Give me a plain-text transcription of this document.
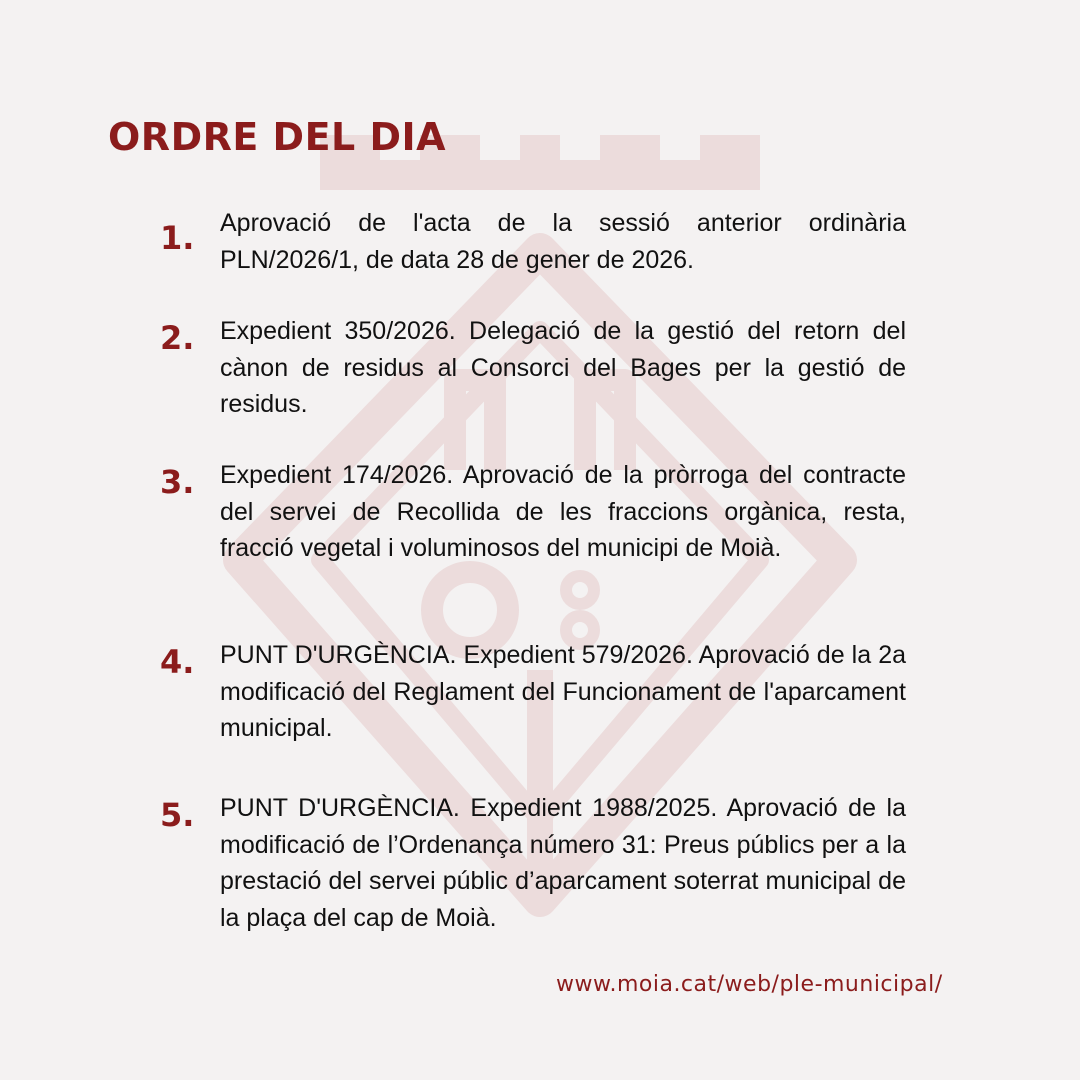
ORDRE DEL DIA
1. Aprovació de l'acta de la sessió anterior ordinària PLN/2026/1, de data 28 de gener de 2026.
2. Expedient 350/2026. Delegació de la gestió del retorn del cànon de residus al Consorci del Bages per la gestió de residus.
3. Expedient 174/2026. Aprovació de la pròrroga del contracte del servei de Recollida de les fraccions orgànica, resta, fracció vegetal i voluminosos del municipi de Moià.
4. PUNT D'URGÈNCIA. Expedient 579/2026. Aprovació de la 2a modificació del Reglament del Funcionament de l'aparcament municipal.
5. PUNT D'URGÈNCIA. Expedient 1988/2025. Aprovació de la modificació de l’Ordenança número 31: Preus públics per a la prestació del servei públic d’aparcament soterrat municipal de la plaça del cap de Moià.
www.moia.cat/web/ple-municipal/
